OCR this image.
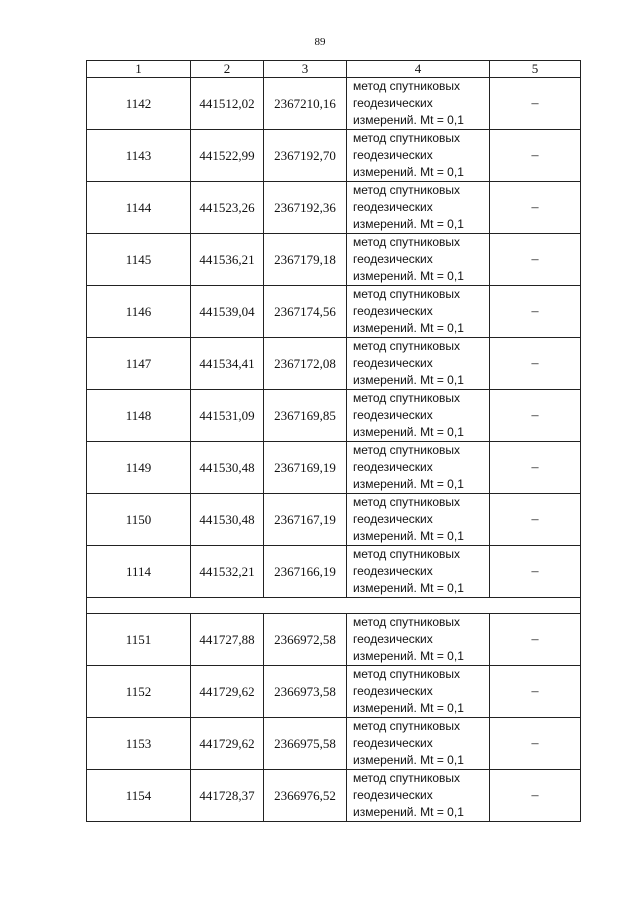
89
1	2	3	4	5
1142	441512,02	2367210,16	метод спутниковых
геодезических
измерений. Mt = 0,1	–
1143	441522,99	2367192,70	метод спутниковых
геодезических
измерений. Mt = 0,1	–
1144	441523,26	2367192,36	метод спутниковых
геодезических
измерений. Mt = 0,1	–
1145	441536,21	2367179,18	метод спутниковых
геодезических
измерений. Mt = 0,1	–
1146	441539,04	2367174,56	метод спутниковых
геодезических
измерений. Mt = 0,1	–
1147	441534,41	2367172,08	метод спутниковых
геодезических
измерений. Mt = 0,1	–
1148	441531,09	2367169,85	метод спутниковых
геодезических
измерений. Mt = 0,1	–
1149	441530,48	2367169,19	метод спутниковых
геодезических
измерений. Mt = 0,1	–
1150	441530,48	2367167,19	метод спутниковых
геодезических
измерений. Mt = 0,1	–
1114	441532,21	2367166,19	метод спутниковых
геодезических
измерений. Mt = 0,1	–

1151	441727,88	2366972,58	метод спутниковых
геодезических
измерений. Mt = 0,1	–
1152	441729,62	2366973,58	метод спутниковых
геодезических
измерений. Mt = 0,1	–
1153	441729,62	2366975,58	метод спутниковых
геодезических
измерений. Mt = 0,1	–
1154	441728,37	2366976,52	метод спутниковых
геодезических
измерений. Mt = 0,1	–
